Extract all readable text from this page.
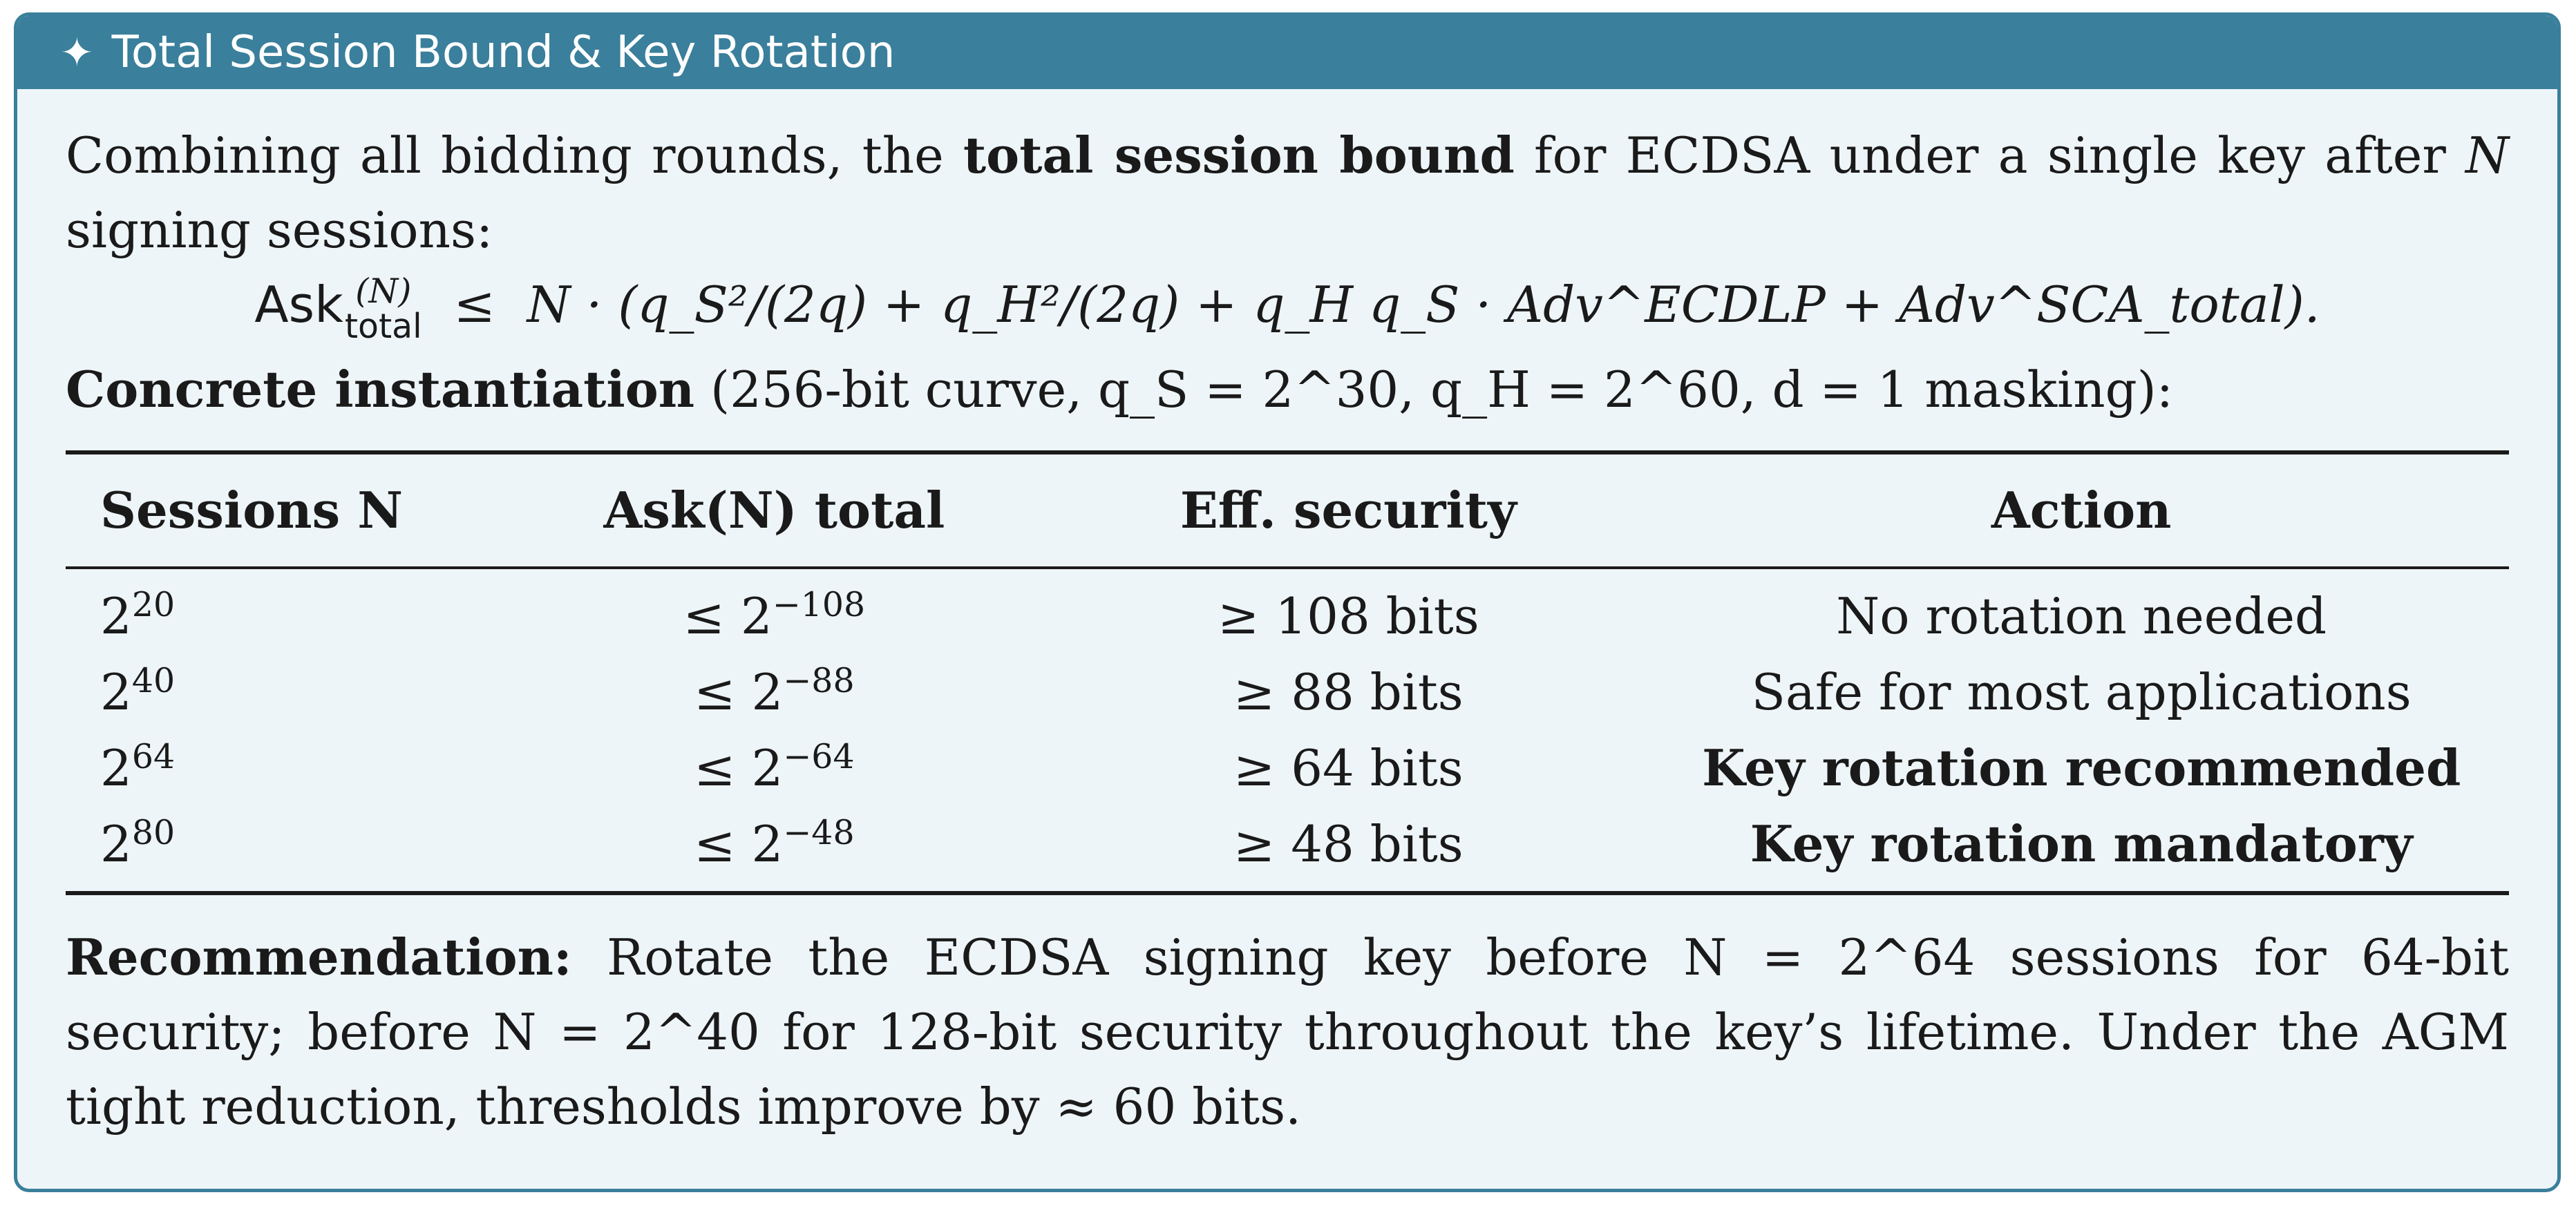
✦ Total Session Bound & Key Rotation
Combining all bidding rounds, the total session bound for ECDSA under a single key after N signing sessions:
Ask (N)
total ≤ N · (q_S²/(2q) + q_H²/(2q) + q_H q_S · Adv^ECDLP + Adv^SCA_total).
Concrete instantiation (256-bit curve, q_S = 2^30, q_H = 2^60, d = 1 masking):
Sessions N	Ask(N) total	Eff. security	Action
$2^{20}$	≤ $2^{-108}$	≥ 108 bits	No rotation needed
$2^{40}$	≤ $2^{-88}$	≥ 88 bits	Safe for most applications
$2^{64}$	≤ $2^{-64}$	≥ 64 bits	Key rotation recommended
$2^{80}$	≤ $2^{-48}$	≥ 48 bits	Key rotation mandatory
Recommendation: Rotate the ECDSA signing key before N = 2^64 sessions for 64-bit security; before N = 2^40 for 128-bit security throughout the key’s lifetime. Under the AGM tight reduction, thresholds improve by ≈ 60 bits.
